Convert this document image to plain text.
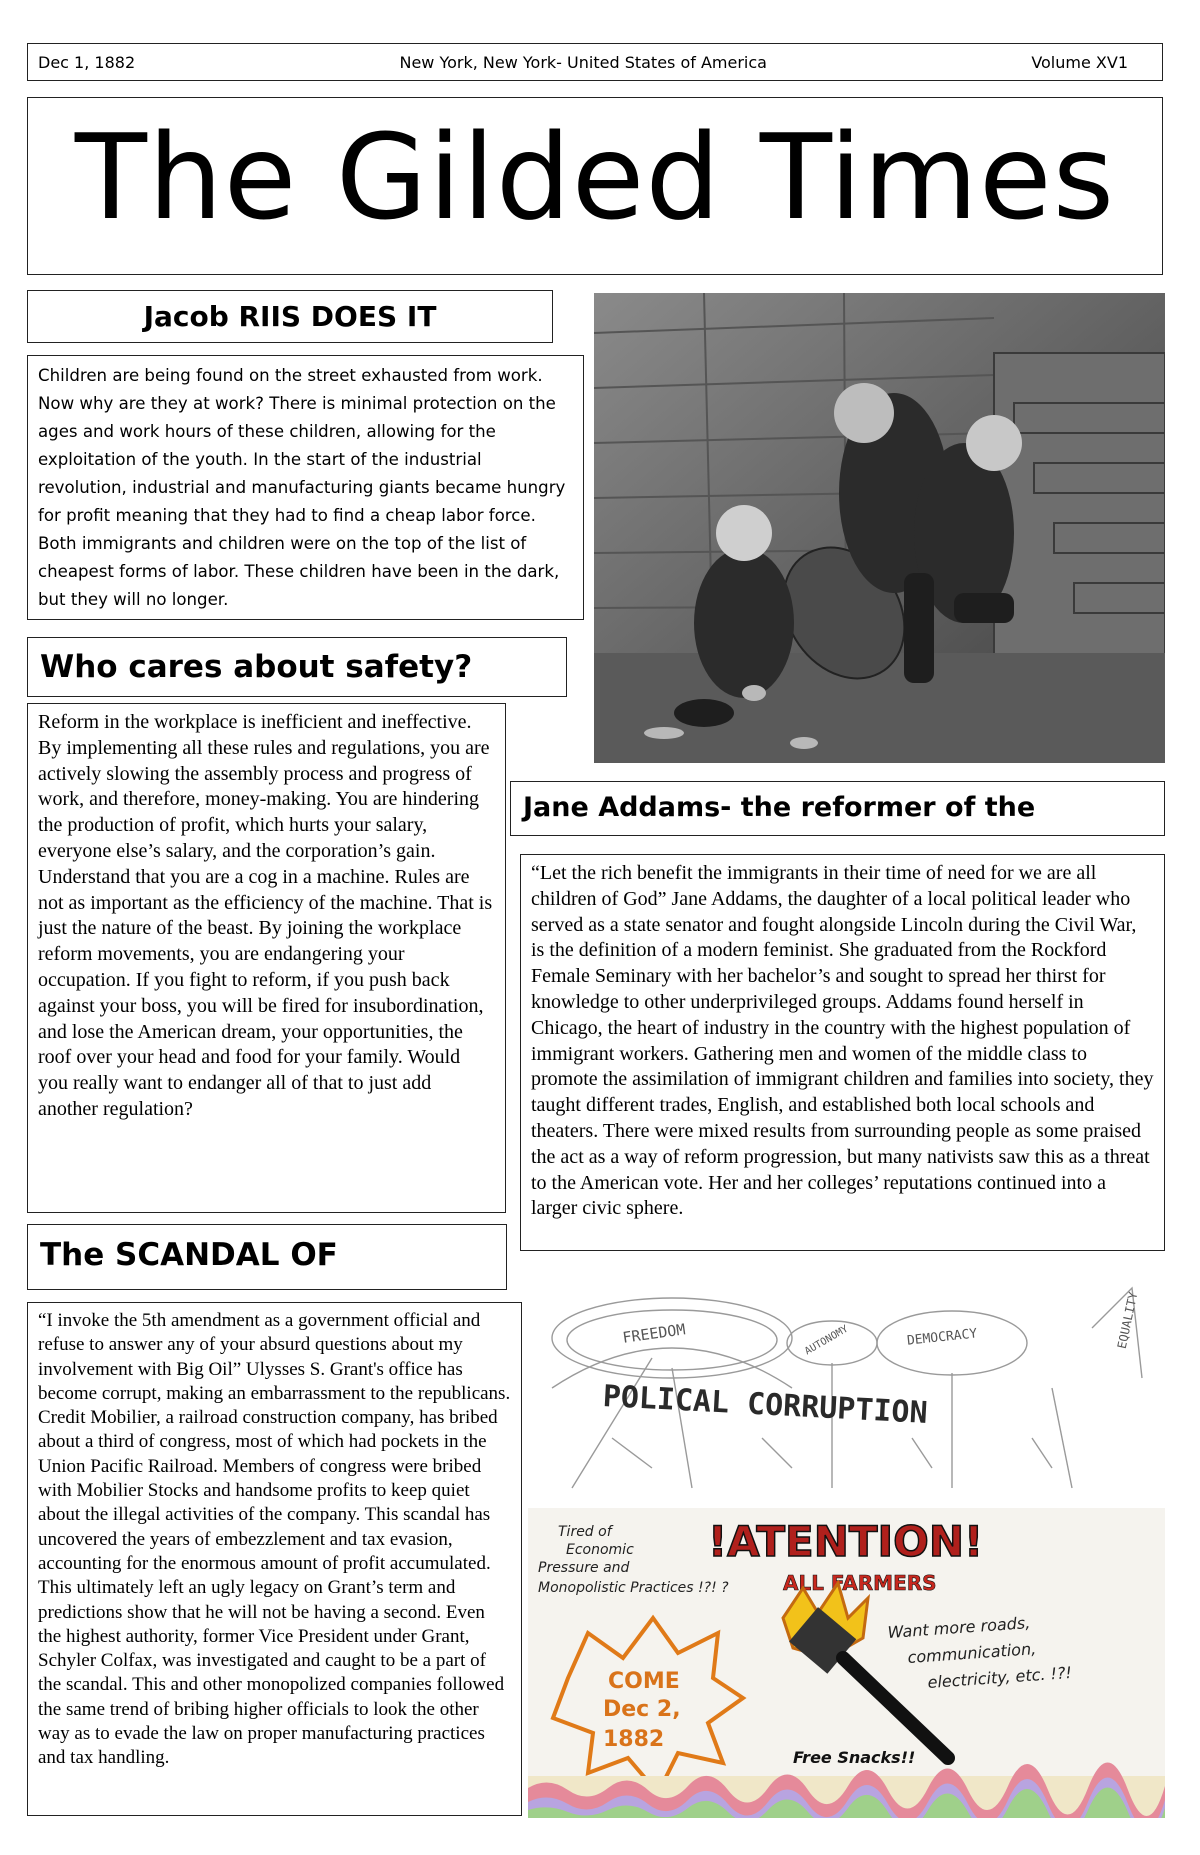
Dec 1, 1882	New York, New York- United States of America	Volume XV1
The Gilded Times
Jacob RIIS DOES IT
Children are being found on the street exhausted from work. Now why are they at work? There is minimal protection on the ages and work hours of these children, allowing for the exploitation of the youth. In the start of the industrial revolution, industrial and manufacturing giants became hungry for profit meaning that they had to find a cheap labor force. Both immigrants and children were on the top of the list of cheapest forms of labor. These children have been in the dark, but they will no longer.
Who cares about safety?
Reform in the workplace is inefficient and ineffective. By implementing all these rules and regulations, you are actively slowing the assembly process and progress of work, and therefore, money-making. You are hindering the production of profit, which hurts your salary, everyone else’s salary, and the corporation’s gain. Understand that you are a cog in a machine. Rules are not as important as the efficiency of the machine. That is just the nature of the beast. By joining the workplace reform movements, you are endangering your occupation. If you fight to reform, if you push back against your boss, you will be fired for insubordination, and lose the American dream, your opportunities, the roof over your head and food for your family. Would you really want to endanger all of that to just add another regulation?
Jane Addams- the reformer of the
“Let the rich benefit the immigrants in their time of need for we are all children of God” Jane Addams, the daughter of a local political leader who served as a state senator and fought alongside Lincoln during the Civil War, is the definition of a modern feminist. She graduated from the Rockford Female Seminary with her bachelor’s and sought to spread her thirst for knowledge to other underprivileged groups. Addams found herself in Chicago, the heart of industry in the country with the highest population of immigrant workers. Gathering men and women of the middle class to promote the assimilation of immigrant children and families into society, they taught different trades, English, and established both local schools and theaters. There were mixed results from surrounding people as some praised the act as a way of reform progression, but many nativists saw this as a threat to the American vote. Her and her colleges’ reputations continued into a larger civic sphere.
The SCANDAL OF
“I invoke the 5th amendment as a government official and refuse to answer any of your absurd questions about my involvement with Big Oil” Ulysses S. Grant's office has become corrupt, making an embarrassment to the republicans. Credit Mobilier, a railroad construction company, has bribed about a third of congress, most of which had pockets in the Union Pacific Railroad. Members of congress were bribed with Mobilier Stocks and handsome profits to keep quiet about the illegal activities of the company. This scandal has uncovered the years of embezzlement and tax evasion, accounting for the enormous amount of profit accumulated. This ultimately left an ugly legacy on Grant’s term and predictions show that he will not be having a second. Even the highest authority, former Vice President under Grant, Schyler Colfax, was investigated and caught to be a part of the scandal. This and other monopolized companies followed the same trend of bribing higher officials to look the other way as to evade the law on proper manufacturing practices and tax handling.
FREEDOM	AUTONOMY	DEMOCRACY	EQUALITY
POLICAL CORRUPTION
Tired of
Economic
Pressure and
Monopolistic Practices !?! ?
!ATENTION!
ALL FARMERS
COME
Dec 2,
1882
Want more roads,
communication,
electricity, etc. !?!
Free Snacks!!
